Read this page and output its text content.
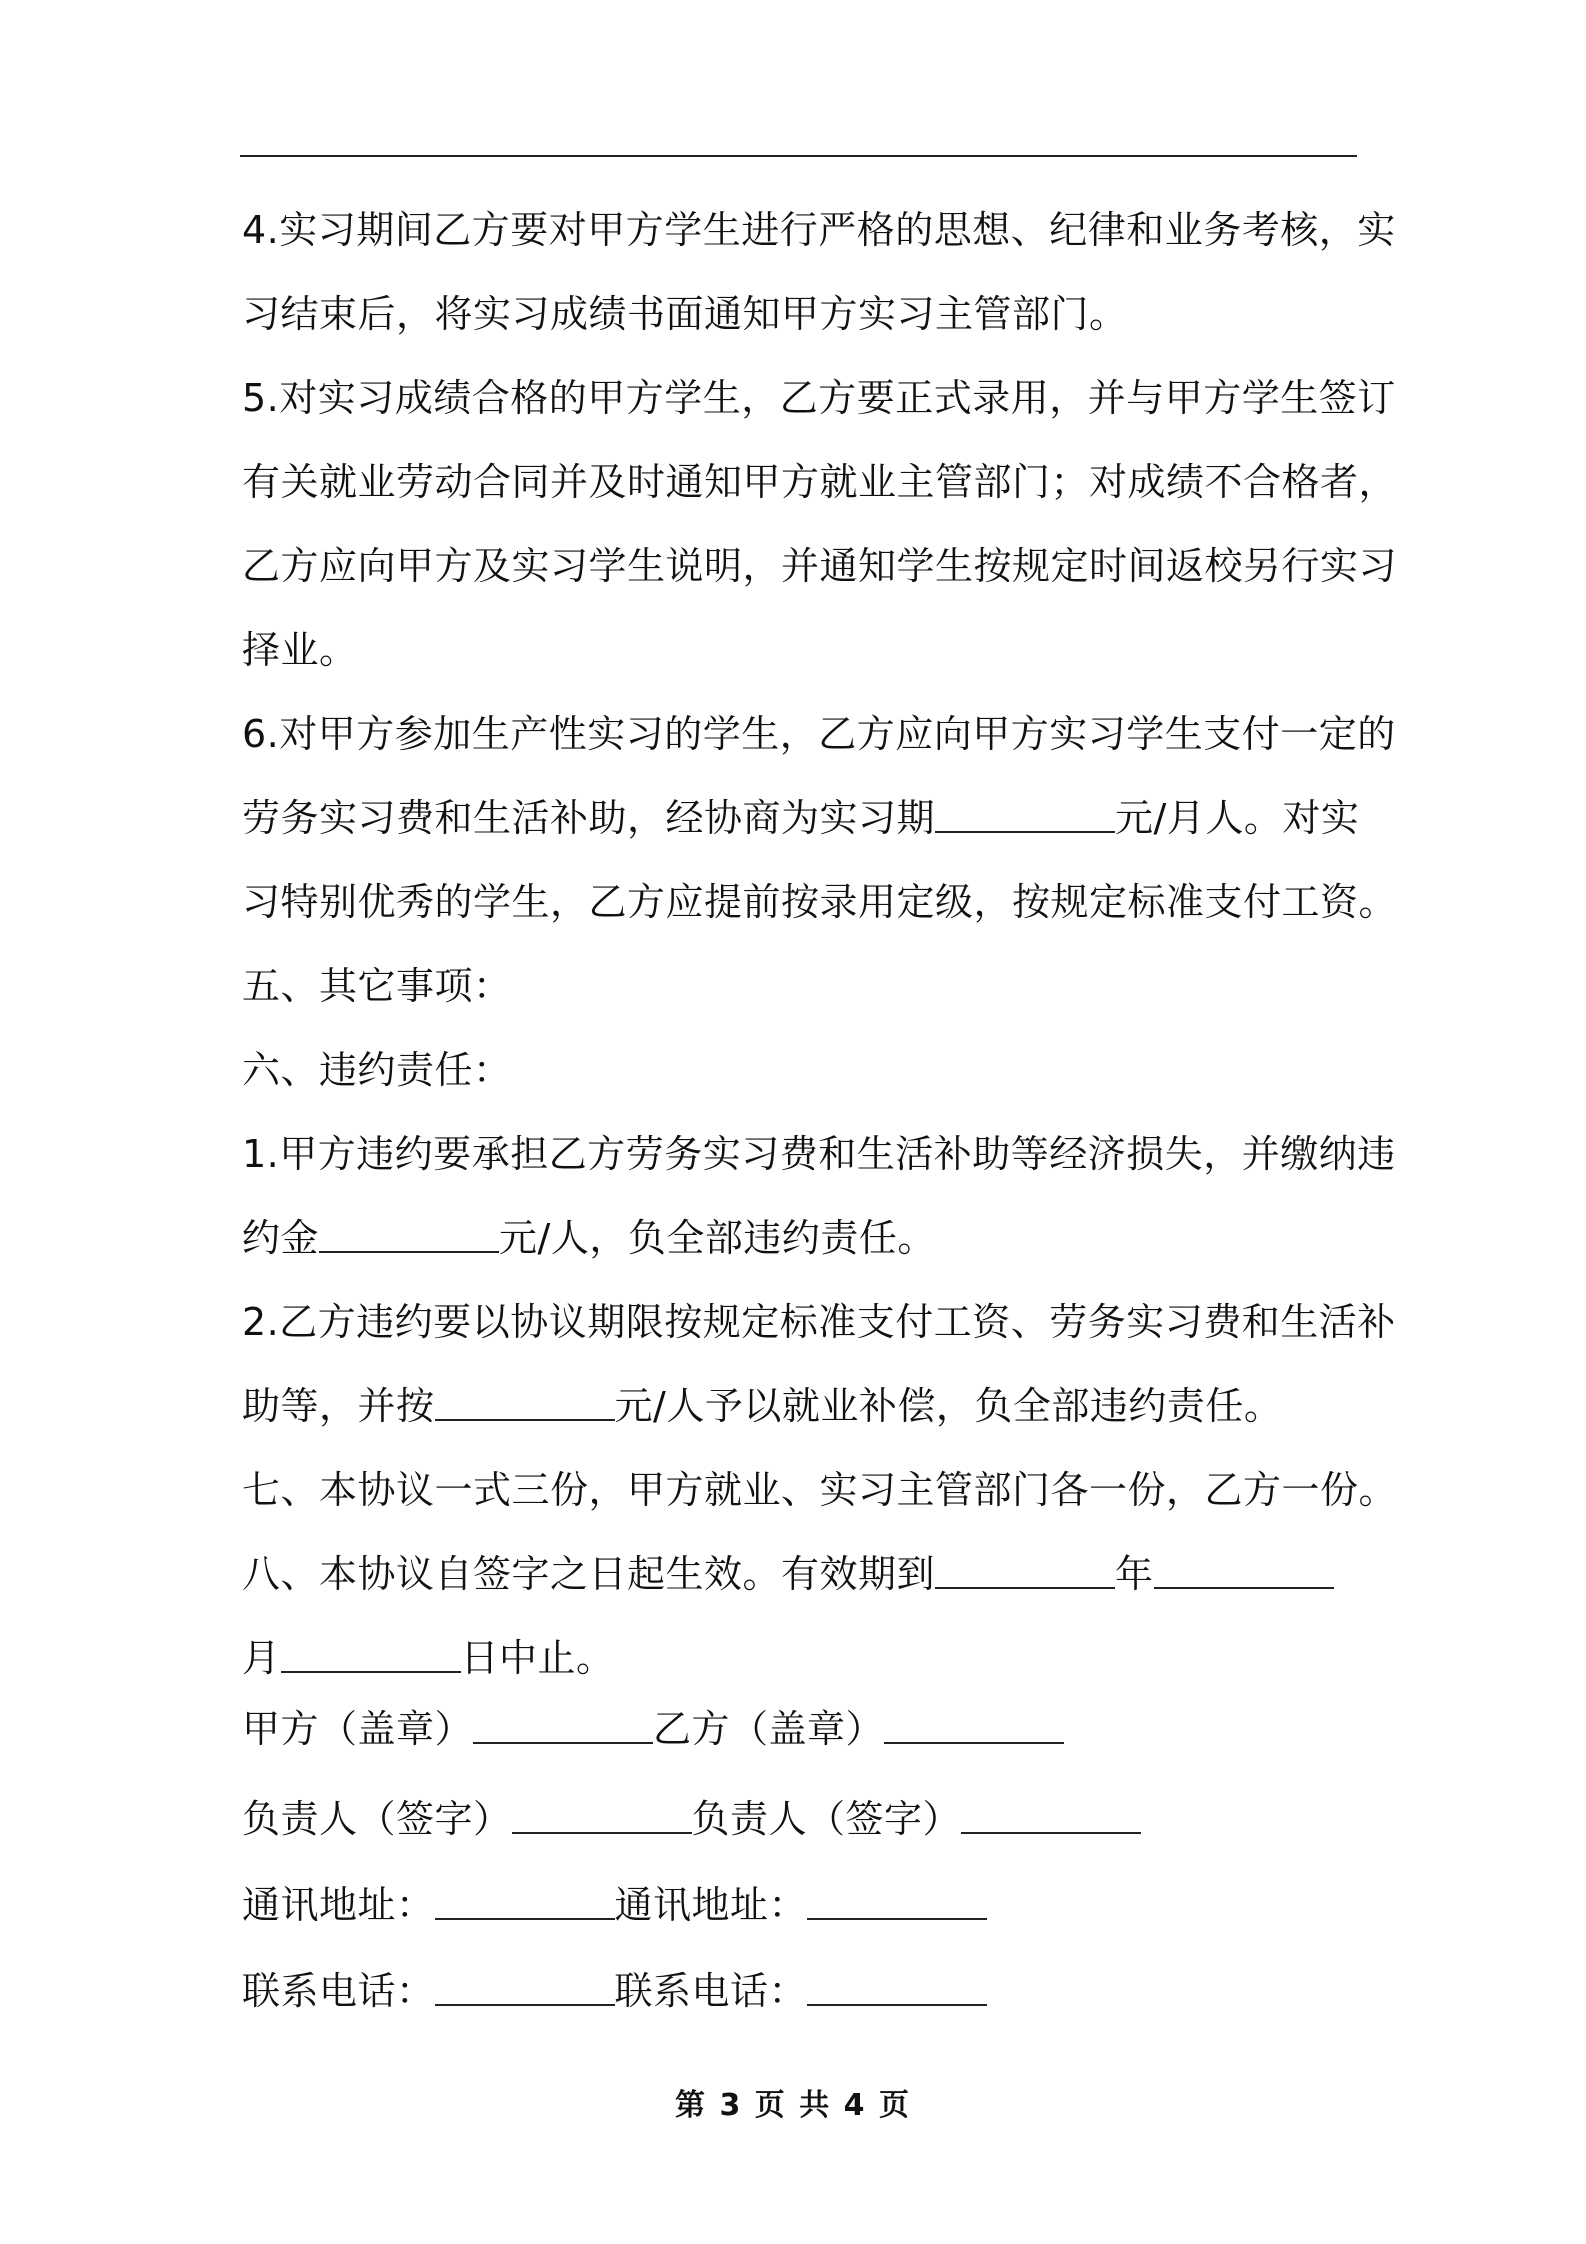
4.实习期间乙方要对甲方学生进行严格的思想、纪律和业务考核，实
习结束后，将实习成绩书面通知甲方实习主管部门。
5.对实习成绩合格的甲方学生，乙方要正式录用，并与甲方学生签订
有关就业劳动合同并及时通知甲方就业主管部门；对成绩不合格者，
乙方应向甲方及实习学生说明，并通知学生按规定时间返校另行实习
择业。
6.对甲方参加生产性实习的学生，乙方应向甲方实习学生支付一定的
劳务实习费和生活补助，经协商为实习期	元/月人。对实
习特别优秀的学生，乙方应提前按录用定级，按规定标准支付工资。
五、其它事项：
六、违约责任：
1.甲方违约要承担乙方劳务实习费和生活补助等经济损失，并缴纳违
约金	元/人，负全部违约责任。
2.乙方违约要以协议期限按规定标准支付工资、劳务实习费和生活补
助等，并按	元/人予以就业补偿，负全部违约责任。
七、本协议一式三份，甲方就业、实习主管部门各一份，乙方一份。
八、本协议自签字之日起生效。有效期到	年
月	日中止。
甲方（盖章）	乙方（盖章）
负责人（签字）	负责人（签字）
通讯地址：	通讯地址：
联系电话：	联系电话：
第 3 页 共 4 页
